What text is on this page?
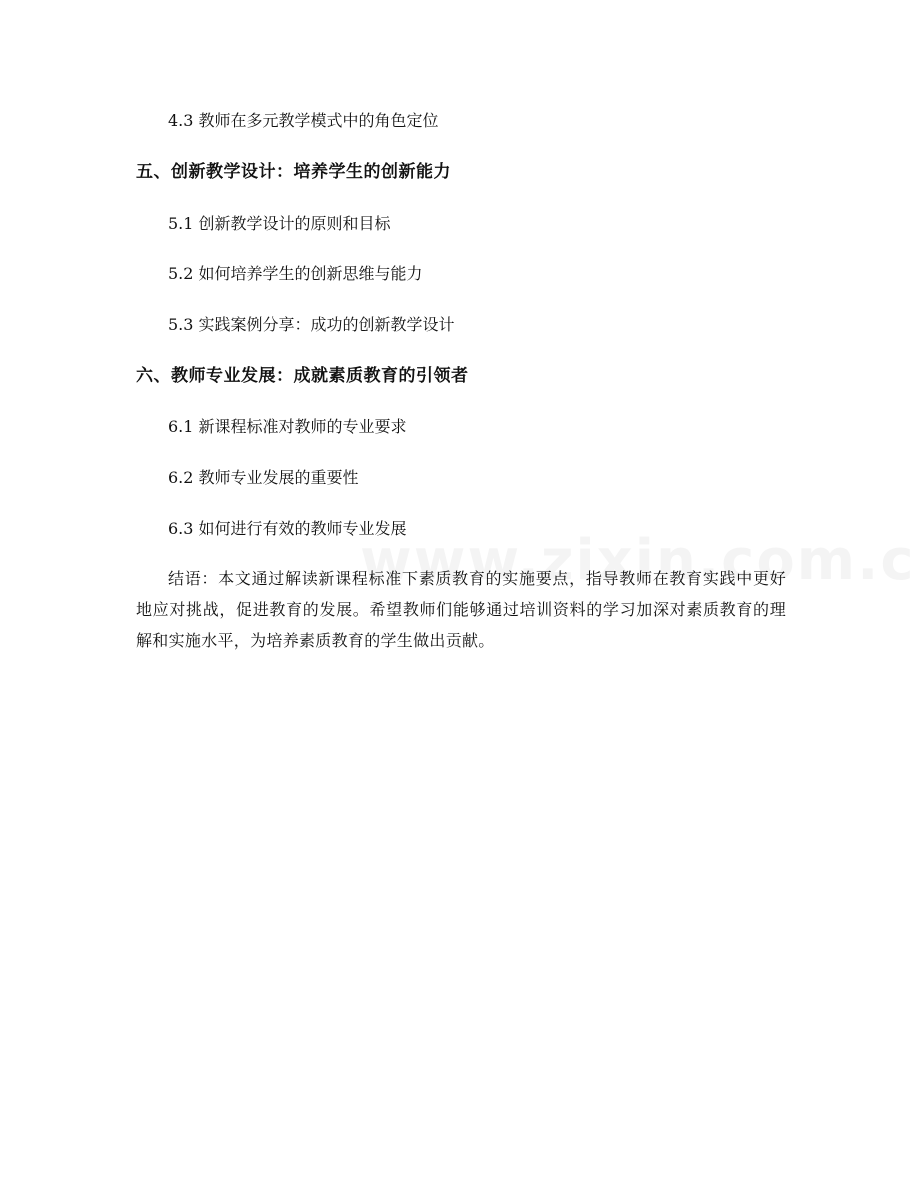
4.3 教师在多元教学模式中的角色定位
五、创新教学设计：培养学生的创新能力
5.1 创新教学设计的原则和目标
5.2 如何培养学生的创新思维与能力
5.3 实践案例分享：成功的创新教学设计
六、教师专业发展：成就素质教育的引领者
6.1 新课程标准对教师的专业要求
6.2 教师专业发展的重要性
6.3 如何进行有效的教师专业发展
结语：本文通过解读新课程标准下素质教育的实施要点，指导教师在教育实践中更好地应对挑战，促进教育的发展。希望教师们能够通过培训资料的学习加深对素质教育的理解和实施水平，为培养素质教育的学生做出贡献。
